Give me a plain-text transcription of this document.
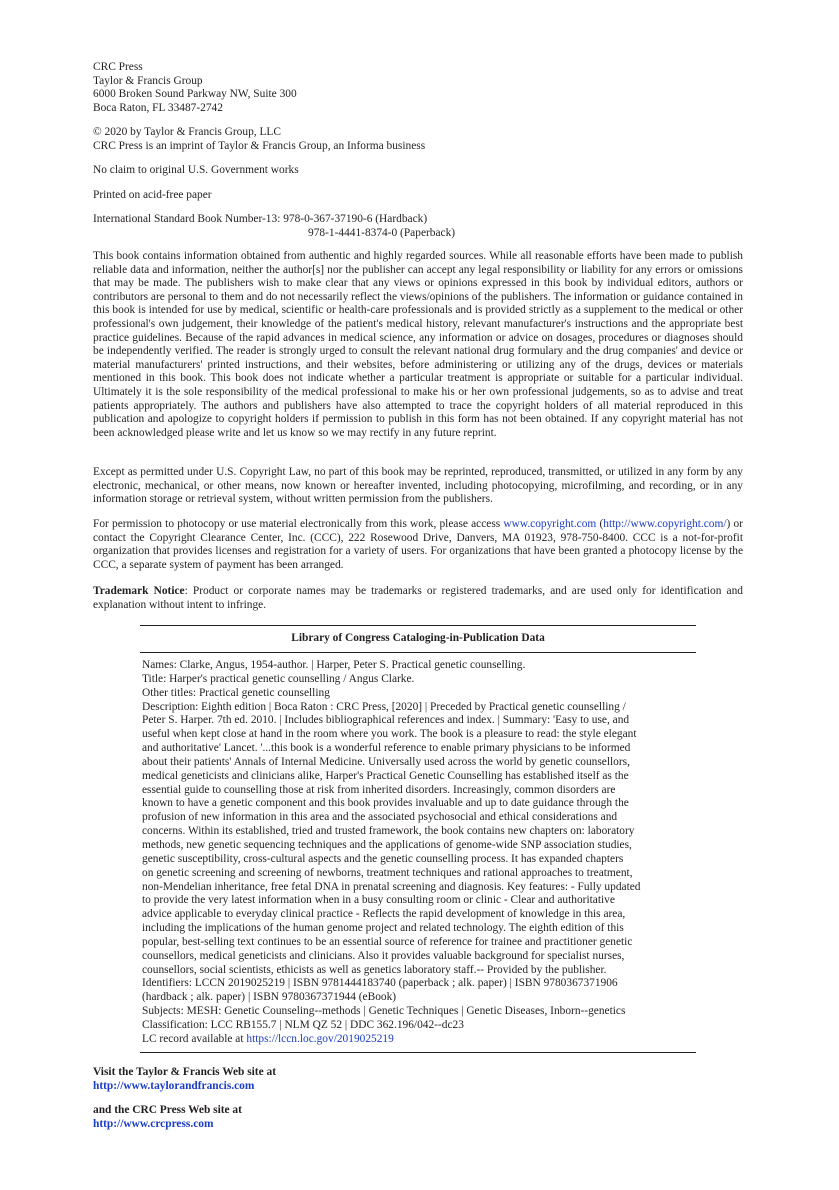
CRC Press
Taylor & Francis Group
6000 Broken Sound Parkway NW, Suite 300
Boca Raton, FL 33487-2742
© 2020 by Taylor & Francis Group, LLC
CRC Press is an imprint of Taylor & Francis Group, an Informa business
No claim to original U.S. Government works
Printed on acid-free paper
International Standard Book Number-13: 978-0-367-37190-6 (Hardback)
978-1-4441-8374-0 (Paperback)

This book contains information obtained from authentic and highly regarded sources. While all reasonable efforts have been made to publish reliable data and information, neither the author[s] nor the publisher can accept any legal responsibility or liability for any errors or omissions that may be made. The publishers wish to make clear that any views or opinions expressed in this book by individual editors, authors or contributors are personal to them and do not necessarily reflect the views/opinions of the publishers. The information or guidance contained in this book is intended for use by medical, scientific or health-care professionals and is provided strictly as a supplement to the medical or other professional's own judgement, their knowledge of the patient's medical history, relevant manufacturer's instructions and the appropriate best practice guidelines. Because of the rapid advances in medical science, any information or advice on dosages, procedures or diagnoses should be independently verified. The reader is strongly urged to consult the relevant national drug formulary and the drug companies' and device or material manufacturers' printed instructions, and their websites, before administering or utilizing any of the drugs, devices or materials mentioned in this book. This book does not indicate whether a particular treatment is appropriate or suitable for a particular individual. Ultimately it is the sole responsibility of the medical professional to make his or her own professional judgements, so as to advise and treat patients appropriately. The authors and publishers have also attempted to trace the copyright holders of all material reproduced in this publication and apologize to copyright holders if permission to publish in this form has not been obtained. If any copyright material has not been acknowledged please write and let us know so we may rectify in any future reprint.

Except as permitted under U.S. Copyright Law, no part of this book may be reprinted, reproduced, transmitted, or utilized in any form by any electronic, mechanical, or other means, now known or hereafter invented, including photocopying, microfilming, and recording, or in any information storage or retrieval system, without written permission from the publishers.

For permission to photocopy or use material electronically from this work, please access www.copyright.com (http://www.copyright.com/) or contact the Copyright Clearance Center, Inc. (CCC), 222 Rosewood Drive, Danvers, MA 01923, 978-750-8400. CCC is a not-for-profit organization that provides licenses and registration for a variety of users. For organizations that have been granted a photocopy license by the CCC, a separate system of payment has been arranged.

Trademark Notice: Product or corporate names may be trademarks or registered trademarks, and are used only for identification and explanation without intent to infringe.

Library of Congress Cataloging-in-Publication Data
Names: Clarke, Angus, 1954-author. | Harper, Peter S. Practical genetic counselling.
Title: Harper's practical genetic counselling / Angus Clarke.
Other titles: Practical genetic counselling
Description: Eighth edition | Boca Raton : CRC Press, [2020] | Preceded by Practical genetic counselling /
Peter S. Harper. 7th ed. 2010. | Includes bibliographical references and index. | Summary: 'Easy to use, and
useful when kept close at hand in the room where you work. The book is a pleasure to read: the style elegant
and authoritative' Lancet. '...this book is a wonderful reference to enable primary physicians to be informed
about their patients' Annals of Internal Medicine. Universally used across the world by genetic counsellors,
medical geneticists and clinicians alike, Harper's Practical Genetic Counselling has established itself as the
essential guide to counselling those at risk from inherited disorders. Increasingly, common disorders are
known to have a genetic component and this book provides invaluable and up to date guidance through the
profusion of new information in this area and the associated psychosocial and ethical considerations and
concerns. Within its established, tried and trusted framework, the book contains new chapters on: laboratory
methods, new genetic sequencing techniques and the applications of genome-wide SNP association studies,
genetic susceptibility, cross-cultural aspects and the genetic counselling process. It has expanded chapters
on genetic screening and screening of newborns, treatment techniques and rational approaches to treatment,
non-Mendelian inheritance, free fetal DNA in prenatal screening and diagnosis. Key features: - Fully updated
to provide the very latest information when in a busy consulting room or clinic - Clear and authoritative
advice applicable to everyday clinical practice - Reflects the rapid development of knowledge in this area,
including the implications of the human genome project and related technology. The eighth edition of this
popular, best-selling text continues to be an essential source of reference for trainee and practitioner genetic
counsellors, medical geneticists and clinicians. Also it provides valuable background for specialist nurses,
counsellors, social scientists, ethicists as well as genetics laboratory staff.-- Provided by the publisher.
Identifiers: LCCN 2019025219 | ISBN 9781444183740 (paperback ; alk. paper) | ISBN 9780367371906
(hardback ; alk. paper) | ISBN 9780367371944 (eBook)
Subjects: MESH: Genetic Counseling--methods | Genetic Techniques | Genetic Diseases, Inborn--genetics
Classification: LCC RB155.7 | NLM QZ 52 | DDC 362.196/042--dc23
LC record available at https://lccn.loc.gov/2019025219
Visit the Taylor & Francis Web site at
http://www.taylorandfrancis.com
and the CRC Press Web site at
http://www.crcpress.com
